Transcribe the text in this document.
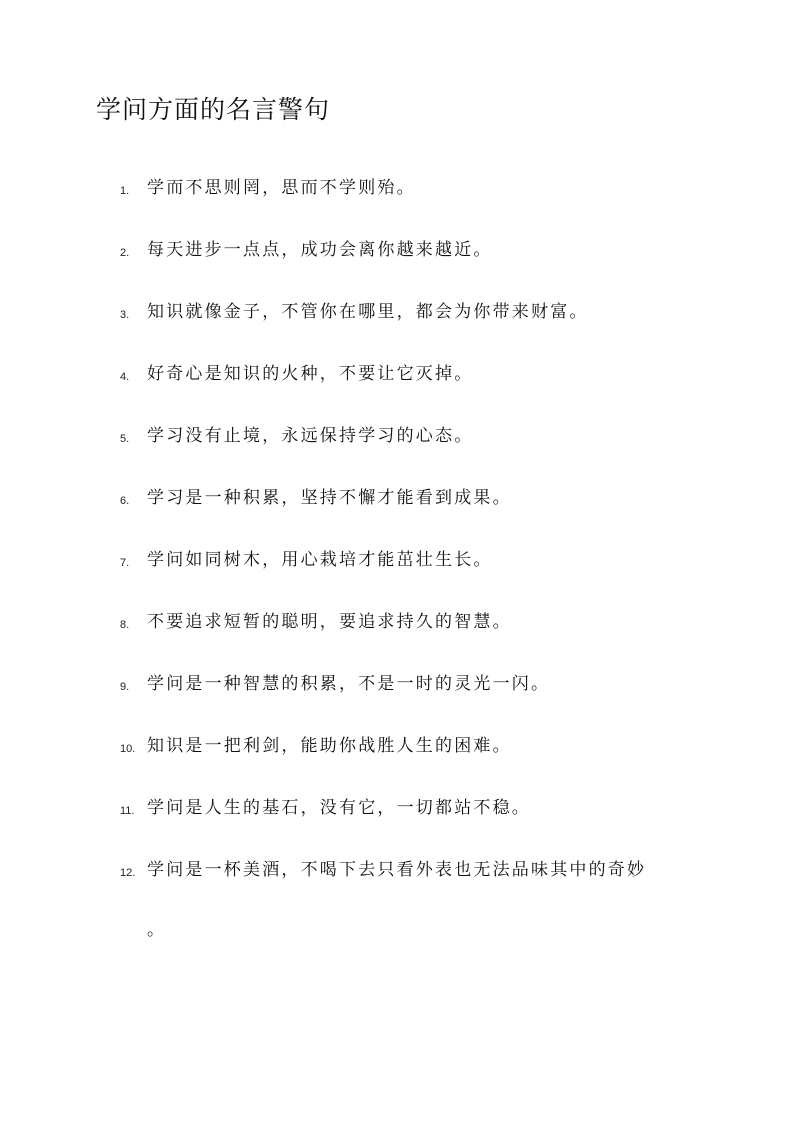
学问方面的名言警句
1.	学而不思则罔，思而不学则殆。
2.	每天进步一点点，成功会离你越来越近。
3.	知识就像金子，不管你在哪里，都会为你带来财富。
4.	好奇心是知识的火种，不要让它灭掉。
5.	学习没有止境，永远保持学习的心态。
6.	学习是一种积累，坚持不懈才能看到成果。
7.	学问如同树木，用心栽培才能茁壮生长。
8.	不要追求短暂的聪明，要追求持久的智慧。
9.	学问是一种智慧的积累，不是一时的灵光一闪。
10. 知识是一把利剑，能助你战胜人生的困难。
11. 学问是人生的基石，没有它，一切都站不稳。
12. 学问是一杯美酒，不喝下去只看外表也无法品味其中的奇妙
。
